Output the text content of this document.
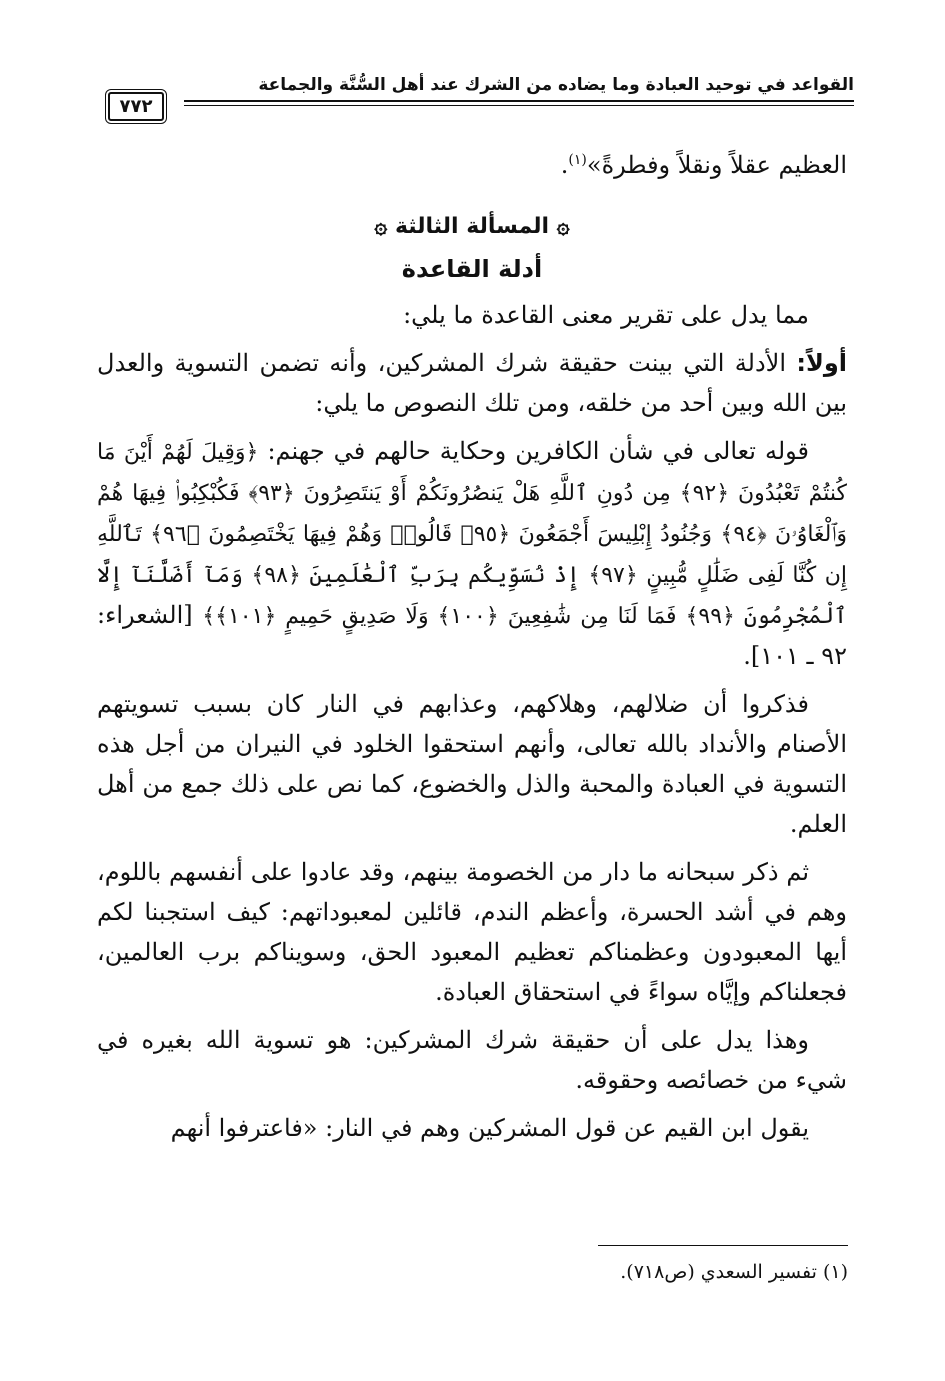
القواعد في توحيد العبادة وما يضاده من الشرك عند أهل السُّنَّة والجماعة
٧٧٢

العظيم عقلاً ونقلاً وفطرةً»$^{(١)}$.

۞ المسألة الثالثة ۞
أدلة القاعدة

مما يدل على تقرير معنى القاعدة ما يلي:

أولاً: الأدلة التي بينت حقيقة شرك المشركين، وأنه تضمن التسوية والعدل بين الله وبين أحد من خلقه، ومن تلك النصوص ما يلي:

قوله تعالى في شأن الكافرين وحكاية حالهم في جهنم: ﴿وَقِيلَ لَهُمْ أَيْنَ مَا كُنتُمْ تَعْبُدُونَ ﴿٩٢﴾ مِن دُونِ ٱللَّهِ هَلْ يَنصُرُونَكُمْ أَوْ يَنتَصِرُونَ ﴿٩٣﴾ فَكُبْكِبُوا۟ فِيهَا هُمْ وَٱلْغَاوُۥنَ ﴿٩٤﴾ وَجُنُودُ إِبْلِيسَ أَجْمَعُونَ ﴿٩٥﴾ قَالُوا۟ وَهُمْ فِيهَا يَخْتَصِمُونَ ﴿٩٦﴾ تَٱللَّهِ إِن كُنَّا لَفِى ضَلَٰلٍ مُّبِينٍ ﴿٩٧﴾ إِذْ نُسَوِّيكُم بِرَبِّ ٱلْعَٰلَمِينَ ﴿٩٨﴾ وَمَآ أَضَلَّنَآ إِلَّا ٱلْمُجْرِمُونَ ﴿٩٩﴾ فَمَا لَنَا مِن شَٰفِعِينَ ﴿١٠٠﴾ وَلَا صَدِيقٍ حَمِيمٍ ﴿١٠١﴾﴾ [الشعراء: ٩٢ ـ ١٠١].

فذكروا أن ضلالهم، وهلاكهم، وعذابهم في النار كان بسبب تسويتهم الأصنام والأنداد بالله تعالى، وأنهم استحقوا الخلود في النيران من أجل هذه التسوية في العبادة والمحبة والذل والخضوع، كما نص على ذلك جمع من أهل العلم.

ثم ذكر سبحانه ما دار من الخصومة بينهم، وقد عادوا على أنفسهم باللوم، وهم في أشد الحسرة، وأعظم الندم، قائلين لمعبوداتهم: كيف استجبنا لكم أيها المعبودون وعظمناكم تعظيم المعبود الحق، وسويناكم برب العالمين، فجعلناكم وإيَّاه سواءً في استحقاق العبادة.

وهذا يدل على أن حقيقة شرك المشركين: هو تسوية الله بغيره في شيء من خصائصه وحقوقه.

يقول ابن القيم عن قول المشركين وهم في النار: «فاعترفوا أنهم

(١) تفسير السعدي (ص٧١٨).
